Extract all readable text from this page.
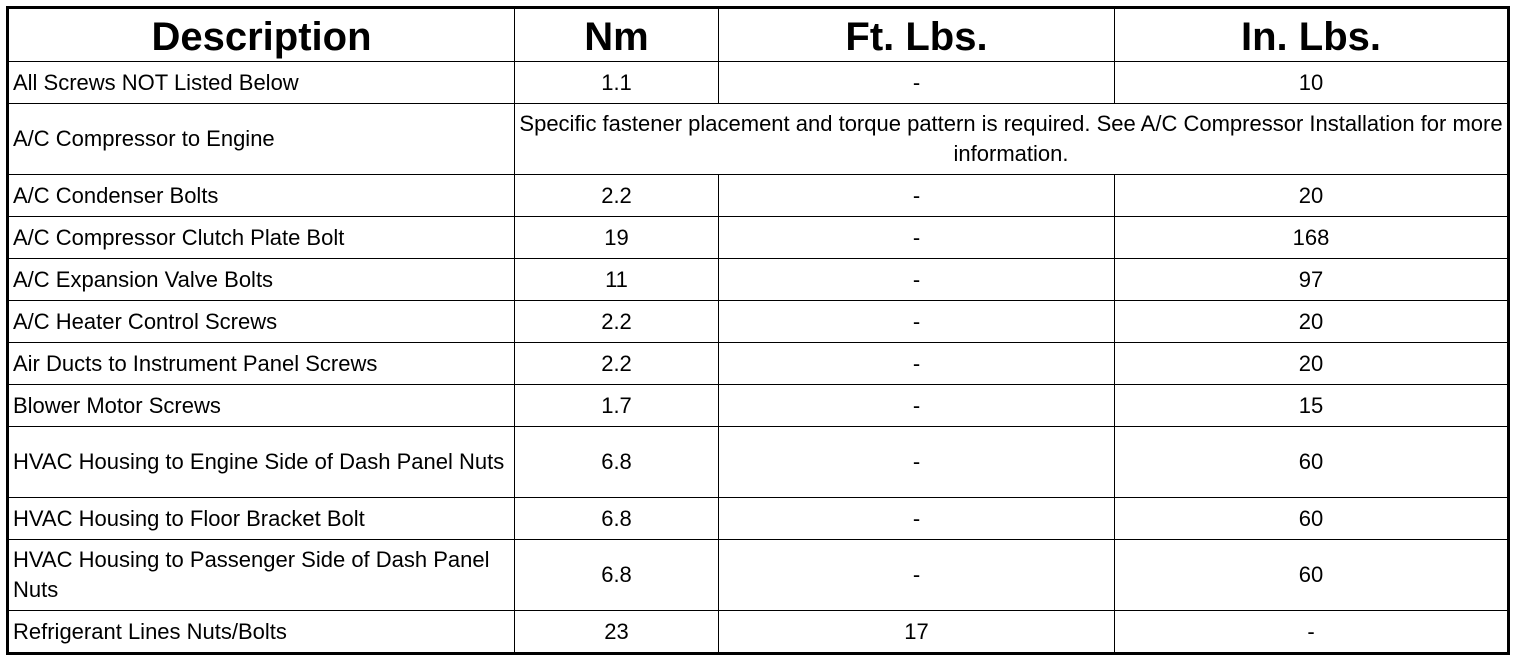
Description	Nm	Ft. Lbs.	In. Lbs.
All Screws NOT Listed Below	1.1	-	10
A/C Compressor to Engine	Specific fastener placement and torque pattern is required. See A/C Compressor Installation for more information.		
A/C Condenser Bolts	2.2	-	20
A/C Compressor Clutch Plate Bolt	19	-	168
A/C Expansion Valve Bolts	11	-	97
A/C Heater Control Screws	2.2	-	20
Air Ducts to Instrument Panel Screws	2.2	-	20
Blower Motor Screws	1.7	-	15
HVAC Housing to Engine Side of Dash Panel Nuts	6.8	-	60
HVAC Housing to Floor Bracket Bolt	6.8	-	60
HVAC Housing to Passenger Side of Dash Panel Nuts	6.8	-	60
Refrigerant Lines Nuts/Bolts	23	17	-
